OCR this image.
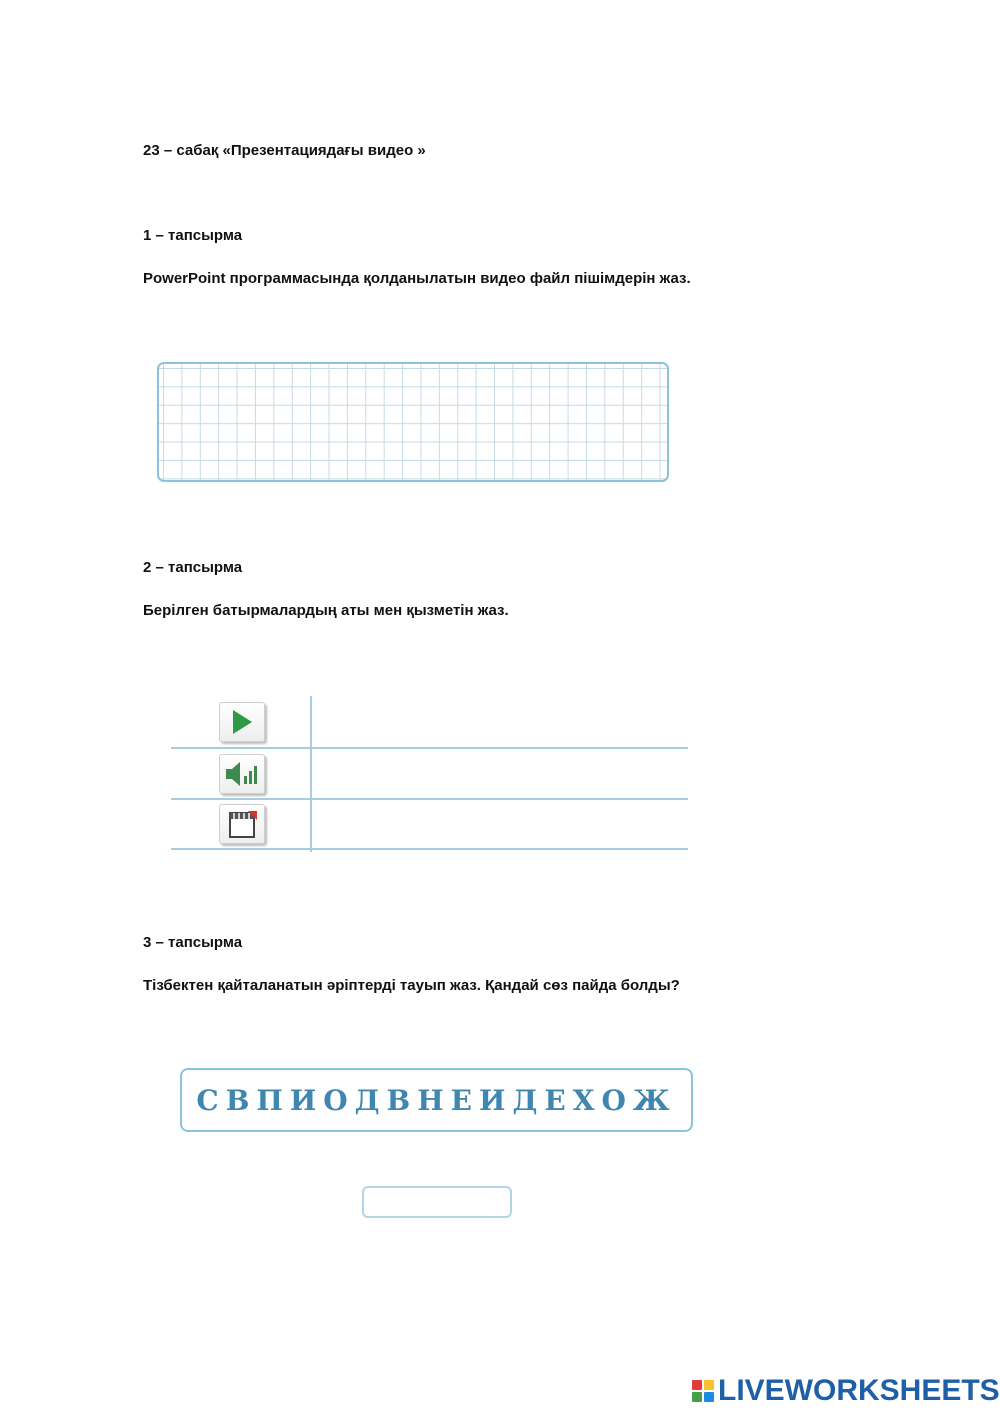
23 – сабақ «Презентациядағы видео »
1 – тапсырма
PowerPoint программасында қолданылатын видео файл пішімдерін жаз.
2 – тапсырма
Берілген батырмалардың аты мен қызметін жаз.
3 – тапсырма
Тізбектен қайталанатын әріптерді тауып жаз. Қандай сөз пайда болды?
СВПИОДВНЕИДЕХОЖ
LIVEWORKSHEETS
